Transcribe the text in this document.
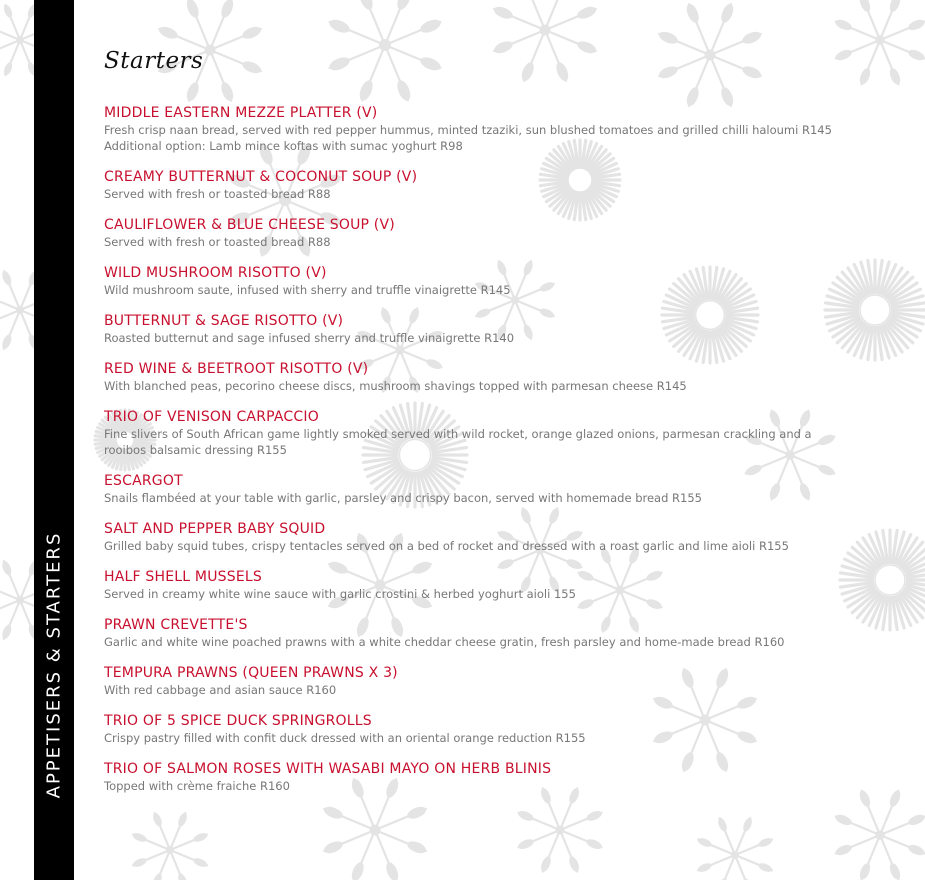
APPETISERS & STARTERS
Starters
MIDDLE EASTERN MEZZE PLATTER (V)
Fresh crisp naan bread, served with red pepper hummus, minted tzaziki, sun blushed tomatoes and grilled chilli haloumi R145
Additional option: Lamb mince koftas with sumac yoghurt R98
CREAMY BUTTERNUT & COCONUT SOUP (V)
Served with fresh or toasted bread R88
CAULIFLOWER & BLUE CHEESE SOUP (V)
Served with fresh or toasted bread R88
WILD MUSHROOM RISOTTO (V)
Wild mushroom saute, infused with sherry and truffle vinaigrette R145
BUTTERNUT & SAGE RISOTTO (V)
Roasted butternut and sage infused sherry and truffle vinaigrette R140
RED WINE & BEETROOT RISOTTO (V)
With blanched peas, pecorino cheese discs, mushroom shavings topped with parmesan cheese R145
TRIO OF VENISON CARPACCIO
Fine slivers of South African game lightly smoked served with wild rocket, orange glazed onions, parmesan crackling and a
rooibos balsamic dressing R155
ESCARGOT
Snails flambéed at your table with garlic, parsley and crispy bacon, served with homemade bread R155
SALT AND PEPPER BABY SQUID
Grilled baby squid tubes, crispy tentacles served on a bed of rocket and dressed with a roast garlic and lime aioli R155
HALF SHELL MUSSELS
Served in creamy white wine sauce with garlic crostini & herbed yoghurt aioli 155
PRAWN CREVETTE'S
Garlic and white wine poached prawns with a white cheddar cheese gratin, fresh parsley and home-made bread R160
TEMPURA PRAWNS (QUEEN PRAWNS X 3)
With red cabbage and asian sauce R160
TRIO OF 5 SPICE DUCK SPRINGROLLS
Crispy pastry filled with confit duck dressed with an oriental orange reduction R155
TRIO OF SALMON ROSES WITH WASABI MAYO ON HERB BLINIS
Topped with crème fraiche R160
